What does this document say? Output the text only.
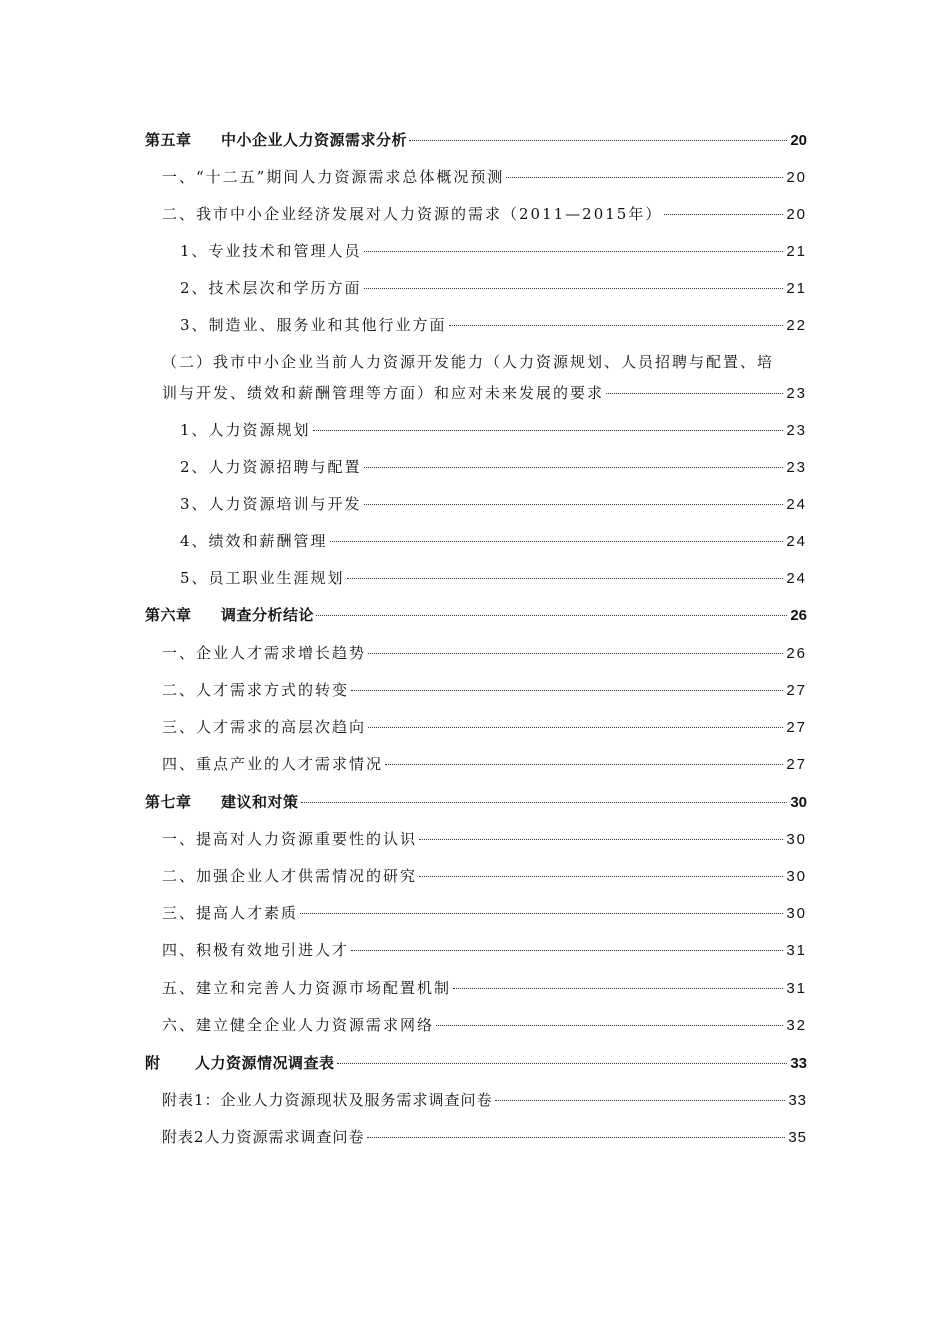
第五章 中小企业人力资源需求分析	20
一、“十二五”期间人力资源需求总体概况预测	20
二、我市中小企业经济发展对人力资源的需求（2011—2015年）	20
1、专业技术和管理人员	21
2、技术层次和学历方面	21
3、制造业、服务业和其他行业方面	22
（二）我市中小企业当前人力资源开发能力（人力资源规划、人员招聘与配置、培
训与开发、绩效和薪酬管理等方面）和应对未来发展的要求	23
1、人力资源规划	23
2、人力资源招聘与配置	23
3、人力资源培训与开发	24
4、绩效和薪酬管理	24
5、员工职业生涯规划	24
第六章 调查分析结论	26
一、企业人才需求增长趋势	26
二、人才需求方式的转变	27
三、人才需求的高层次趋向	27
四、重点产业的人才需求情况	27
第七章 建议和对策	30
一、提高对人力资源重要性的认识	30
二、加强企业人才供需情况的研究	30
三、提高人才素质	30
四、积极有效地引进人才	31
五、建立和完善人力资源市场配置机制	31
六、建立健全企业人力资源需求网络	32
附 人力资源情况调查表	33
附表1：企业人力资源现状及服务需求调查问卷	33
附表2人力资源需求调查问卷	35
